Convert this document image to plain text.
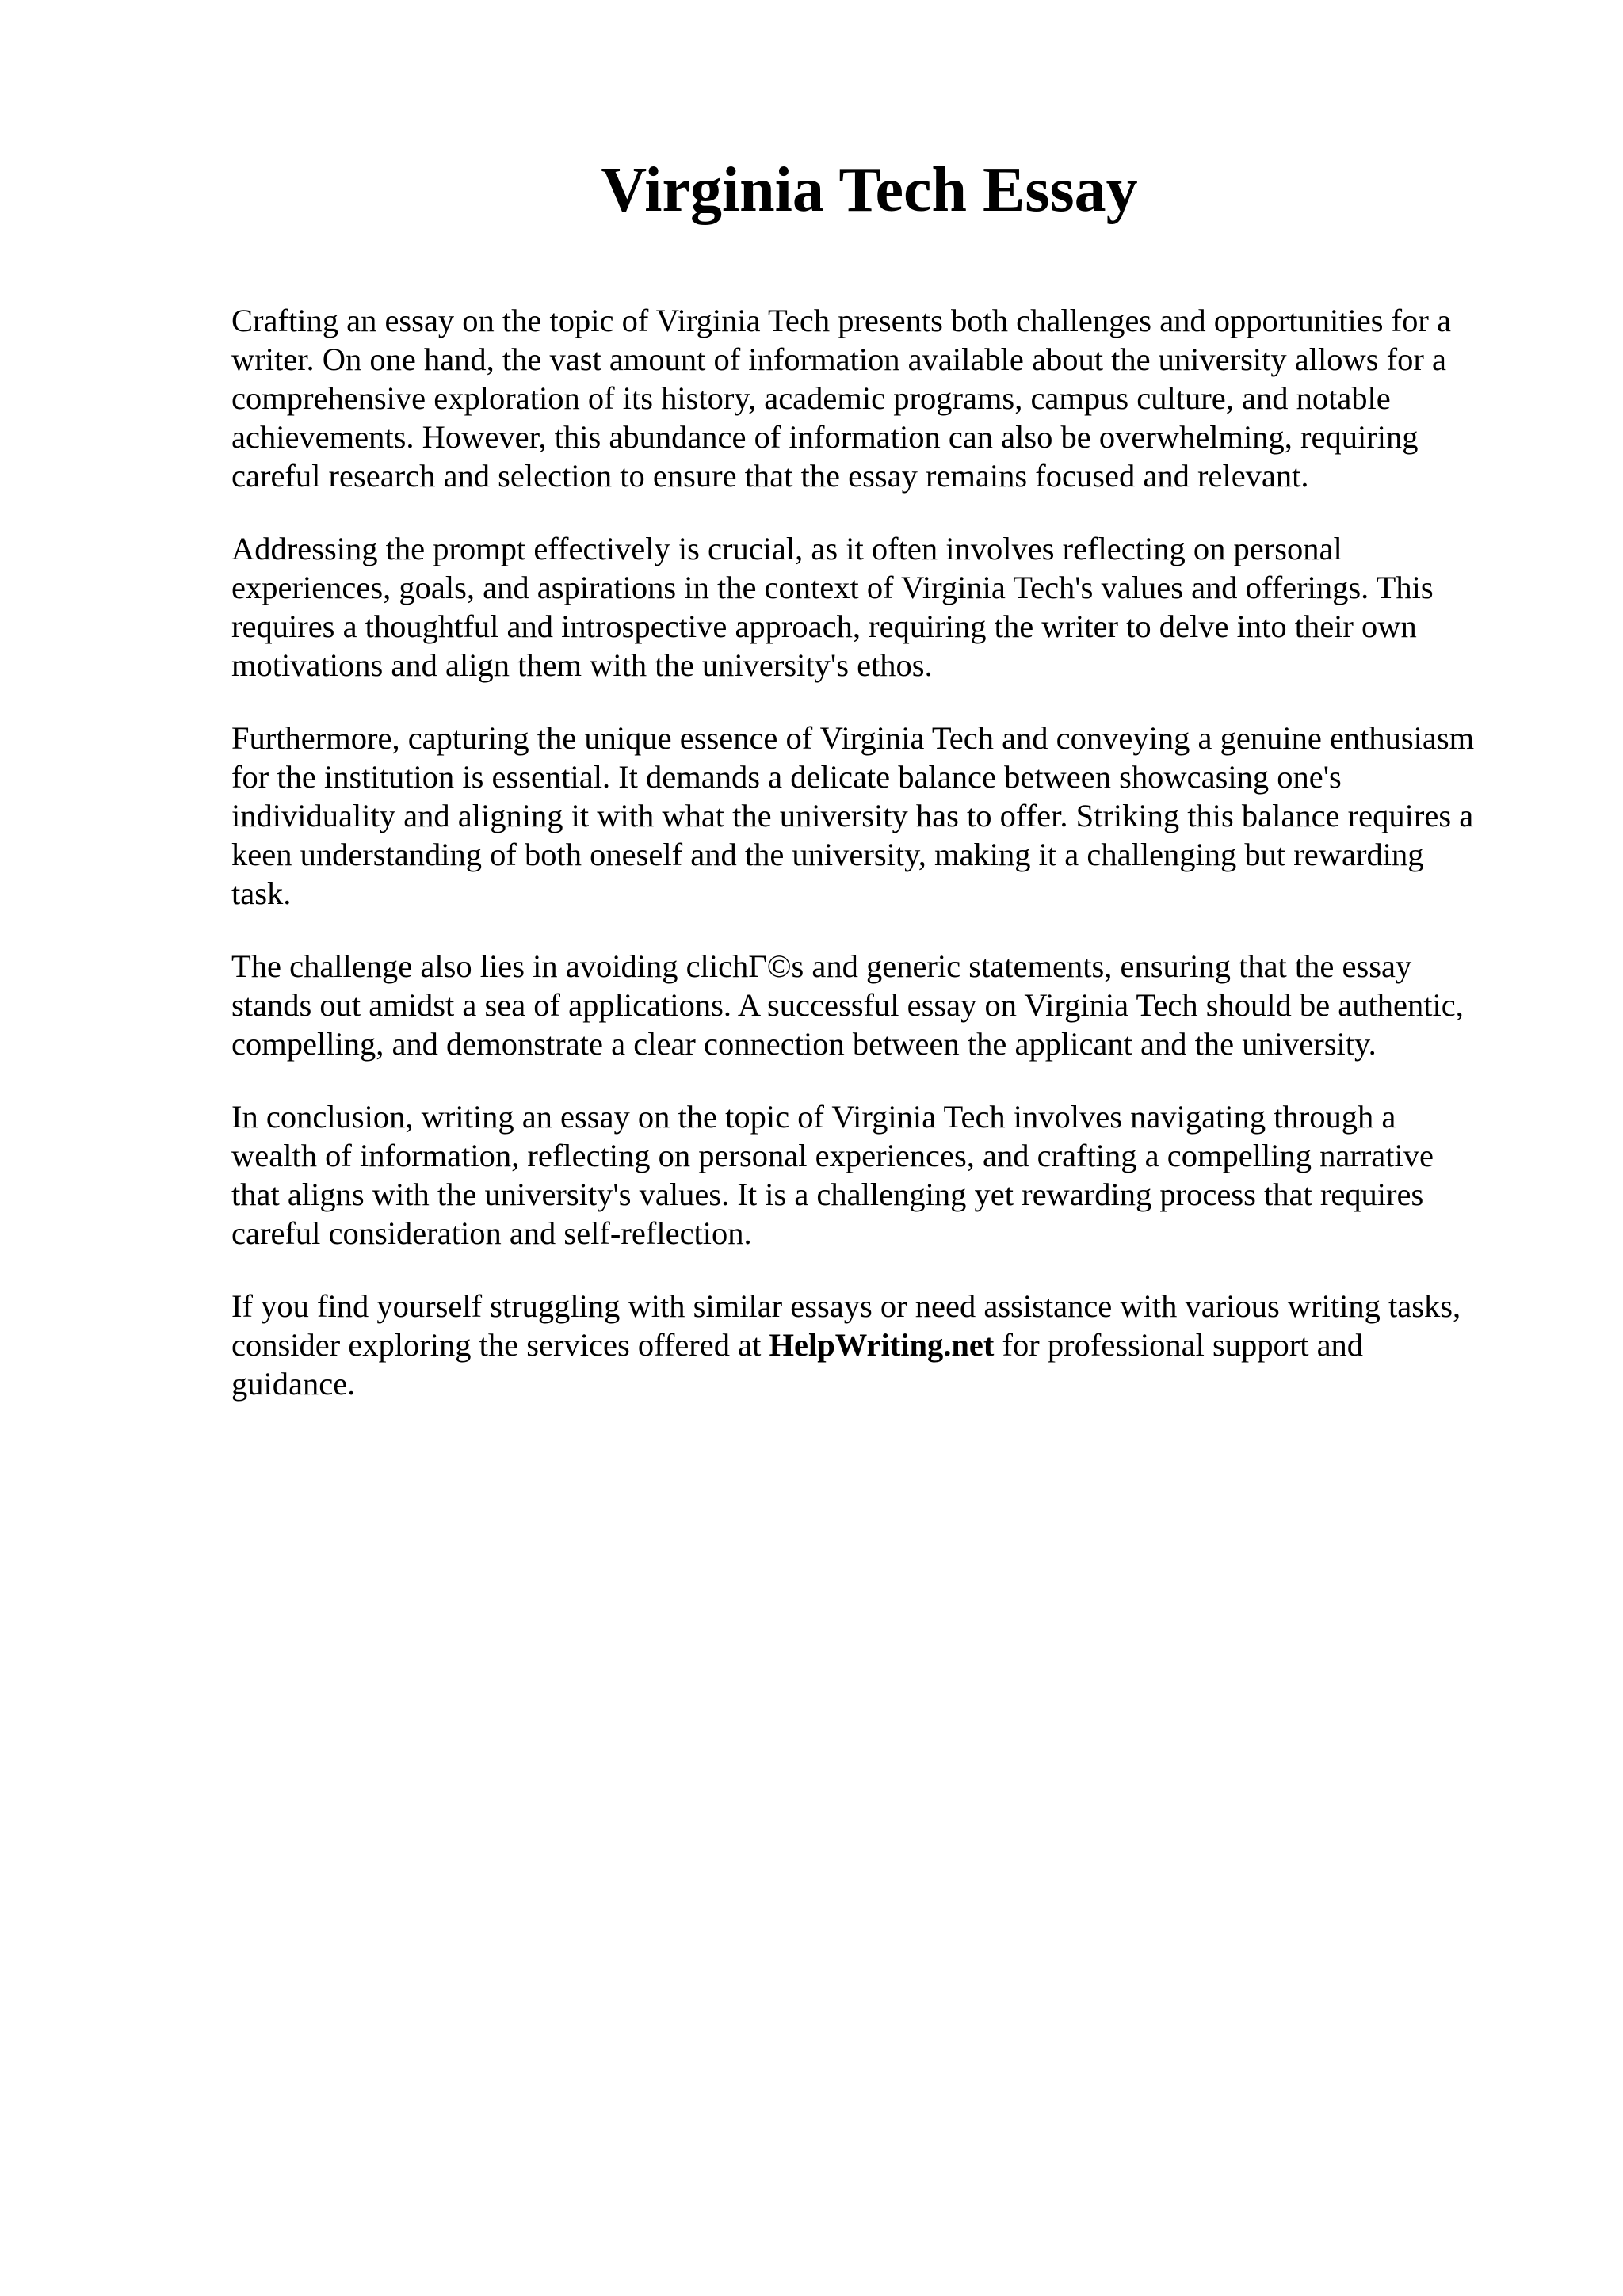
Virginia Tech Essay

Crafting an essay on the topic of Virginia Tech presents both challenges and opportunities for a
writer. On one hand, the vast amount of information available about the university allows for a
comprehensive exploration of its history, academic programs, campus culture, and notable
achievements. However, this abundance of information can also be overwhelming, requiring
careful research and selection to ensure that the essay remains focused and relevant.

Addressing the prompt effectively is crucial, as it often involves reflecting on personal
experiences, goals, and aspirations in the context of Virginia Tech's values and offerings. This
requires a thoughtful and introspective approach, requiring the writer to delve into their own
motivations and align them with the university's ethos.

Furthermore, capturing the unique essence of Virginia Tech and conveying a genuine enthusiasm
for the institution is essential. It demands a delicate balance between showcasing one's
individuality and aligning it with what the university has to offer. Striking this balance requires a
keen understanding of both oneself and the university, making it a challenging but rewarding
task.

The challenge also lies in avoiding clichГ©s and generic statements, ensuring that the essay
stands out amidst a sea of applications. A successful essay on Virginia Tech should be authentic,
compelling, and demonstrate a clear connection between the applicant and the university.

In conclusion, writing an essay on the topic of Virginia Tech involves navigating through a
wealth of information, reflecting on personal experiences, and crafting a compelling narrative
that aligns with the university's values. It is a challenging yet rewarding process that requires
careful consideration and self-reflection.

If you find yourself struggling with similar essays or need assistance with various writing tasks,
consider exploring the services offered at HelpWriting.net for professional support and
guidance.
